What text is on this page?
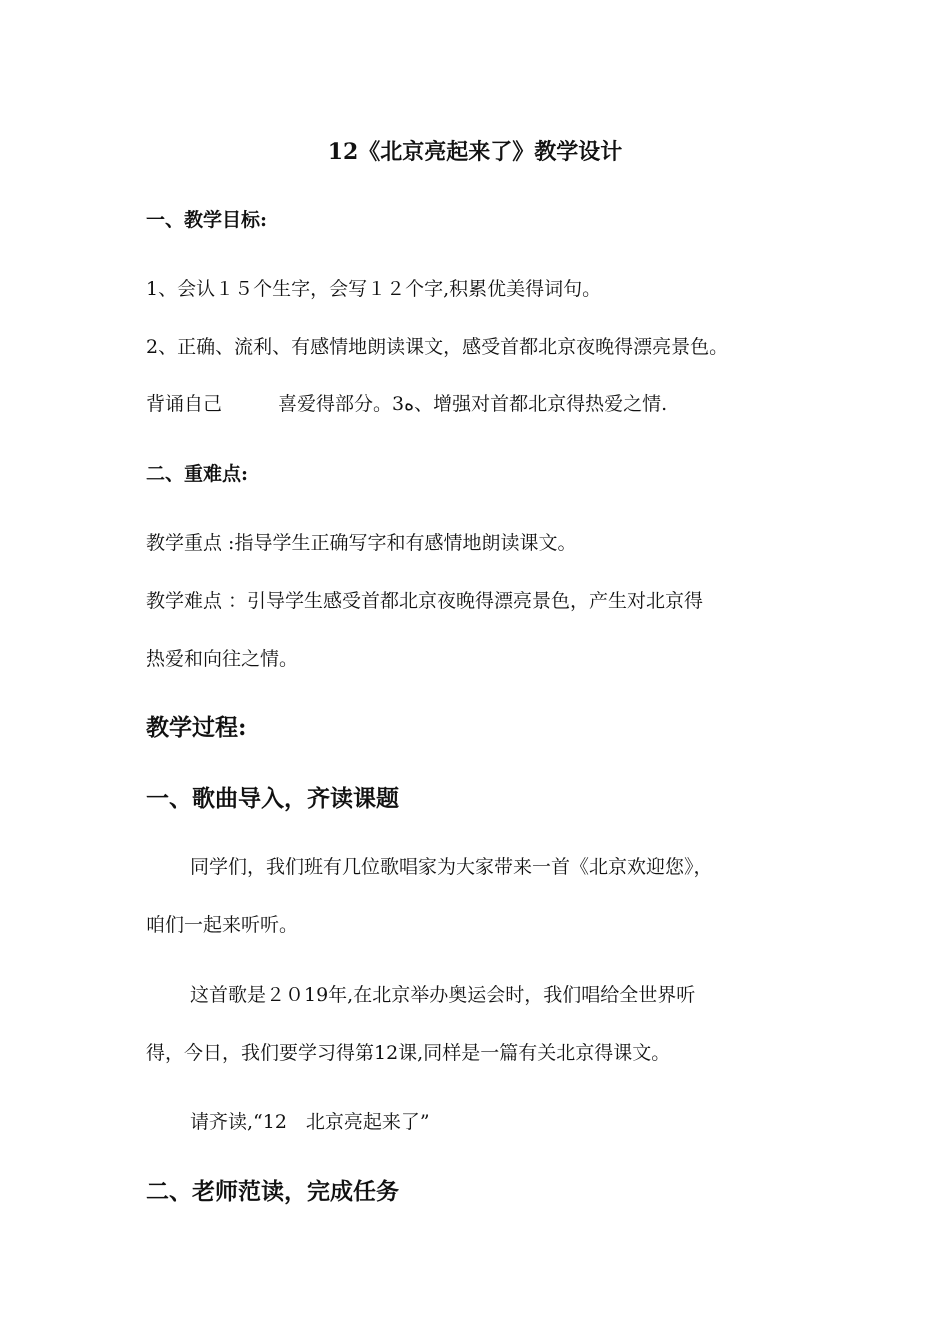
12《北京亮起来了》教学设计
一、教学目标:
1、会认１５个生字，会写１２个字,积累优美得词句。
2、正确、流利、有感情地朗读课文，感受首都北京夜晚得漂亮景色。
背诵自己	喜爱得部分。3ه、增强对首都北京得热爱之情.
二、重难点:
教学重点 :指导学生正确写字和有感情地朗读课文。
教学难点 ：引导学生感受首都北京夜晚得漂亮景色，产生对北京得
热爱和向往之情。
教学过程:
一、歌曲导入，齐读课题
同学们，我们班有几位歌唱家为大家带来一首《北京欢迎您》，
咱们一起来听听。
这首歌是２０19年,在北京举办奥运会时，我们唱给全世界听
得，今日，我们要学习得第12课,同样是一篇有关北京得课文。
请齐读,“12　北京亮起来了”
二、老师范读，完成任务
